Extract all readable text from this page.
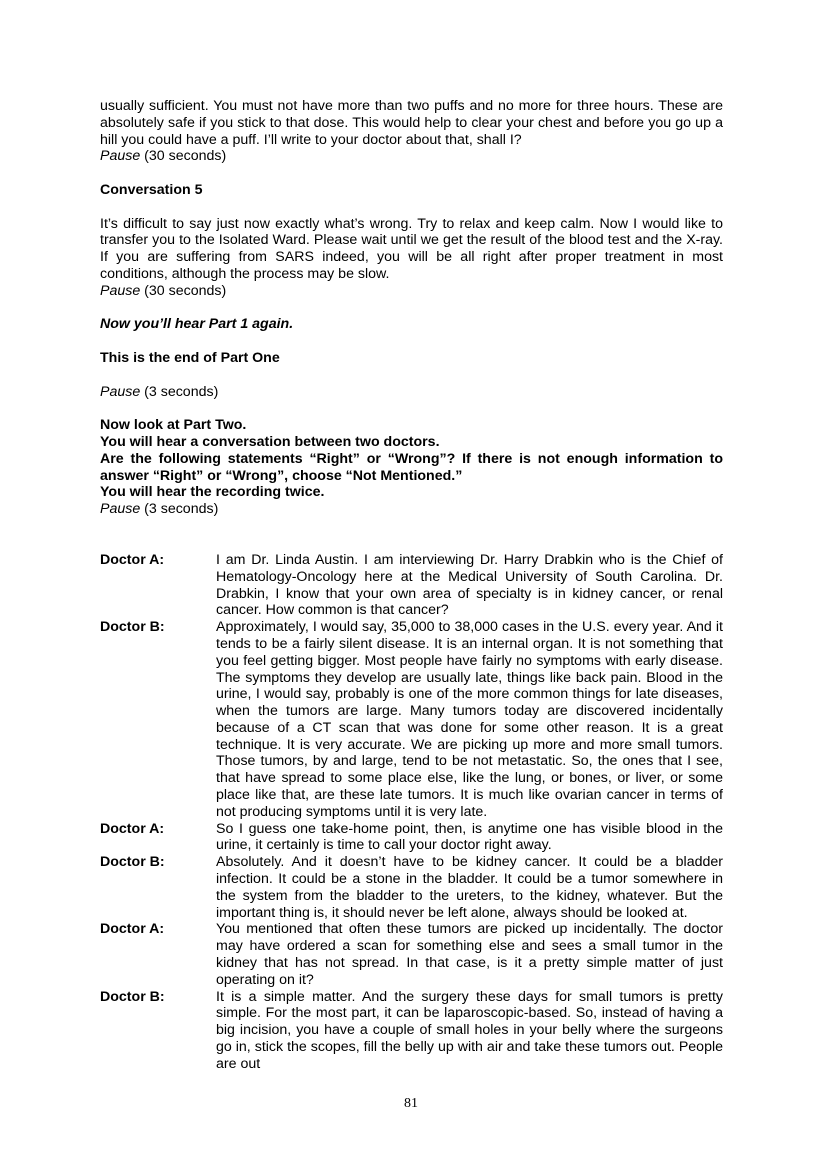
usually sufficient. You must not have more than two puffs and no more for three hours. These are absolutely safe if you stick to that dose. This would help to clear your chest and before you go up a hill you could have a puff. I’ll write to your doctor about that, shall I?

Pause (30 seconds)

Conversation 5

It’s difficult to say just now exactly what’s wrong. Try to relax and keep calm. Now I would like to transfer you to the Isolated Ward. Please wait until we get the result of the blood test and the X-ray. If you are suffering from SARS indeed, you will be all right after proper treatment in most conditions, although the process may be slow.

Pause (30 seconds)

Now you’ll hear Part 1 again.

This is the end of Part One

Pause (3 seconds)

Now look at Part Two.

You will hear a conversation between two doctors.

Are the following statements “Right” or “Wrong”? If there is not enough information to answer “Right” or “Wrong”, choose “Not Mentioned.”

You will hear the recording twice.

Pause (3 seconds)

Doctor A:	I am Dr. Linda Austin. I am interviewing Dr. Harry Drabkin who is the Chief of Hematology-Oncology here at the Medical University of South Carolina. Dr. Drabkin, I know that your own area of specialty is in kidney cancer, or renal cancer. How common is that cancer?

Doctor B:	Approximately, I would say, 35,000 to 38,000 cases in the U.S. every year. And it tends to be a fairly silent disease. It is an internal organ. It is not something that you feel getting bigger. Most people have fairly no symptoms with early disease. The symptoms they develop are usually late, things like back pain. Blood in the urine, I would say, probably is one of the more common things for late diseases, when the tumors are large. Many tumors today are discovered incidentally because of a CT scan that was done for some other reason. It is a great technique. It is very accurate. We are picking up more and more small tumors. Those tumors, by and large, tend to be not metastatic. So, the ones that I see, that have spread to some place else, like the lung, or bones, or liver, or some place like that, are these late tumors. It is much like ovarian cancer in terms of not producing symptoms until it is very late.

Doctor A:	So I guess one take-home point, then, is anytime one has visible blood in the urine, it certainly is time to call your doctor right away.

Doctor B:	Absolutely. And it doesn’t have to be kidney cancer. It could be a bladder infection. It could be a stone in the bladder. It could be a tumor somewhere in the system from the bladder to the ureters, to the kidney, whatever. But the important thing is, it should never be left alone, always should be looked at.

Doctor A:	You mentioned that often these tumors are picked up incidentally. The doctor may have ordered a scan for something else and sees a small tumor in the kidney that has not spread. In that case, is it a pretty simple matter of just operating on it?

Doctor B:	It is a simple matter. And the surgery these days for small tumors is pretty simple. For the most part, it can be laparoscopic-based. So, instead of having a big incision, you have a couple of small holes in your belly where the surgeons go in, stick the scopes, fill the belly up with air and take these tumors out. People are out

81
